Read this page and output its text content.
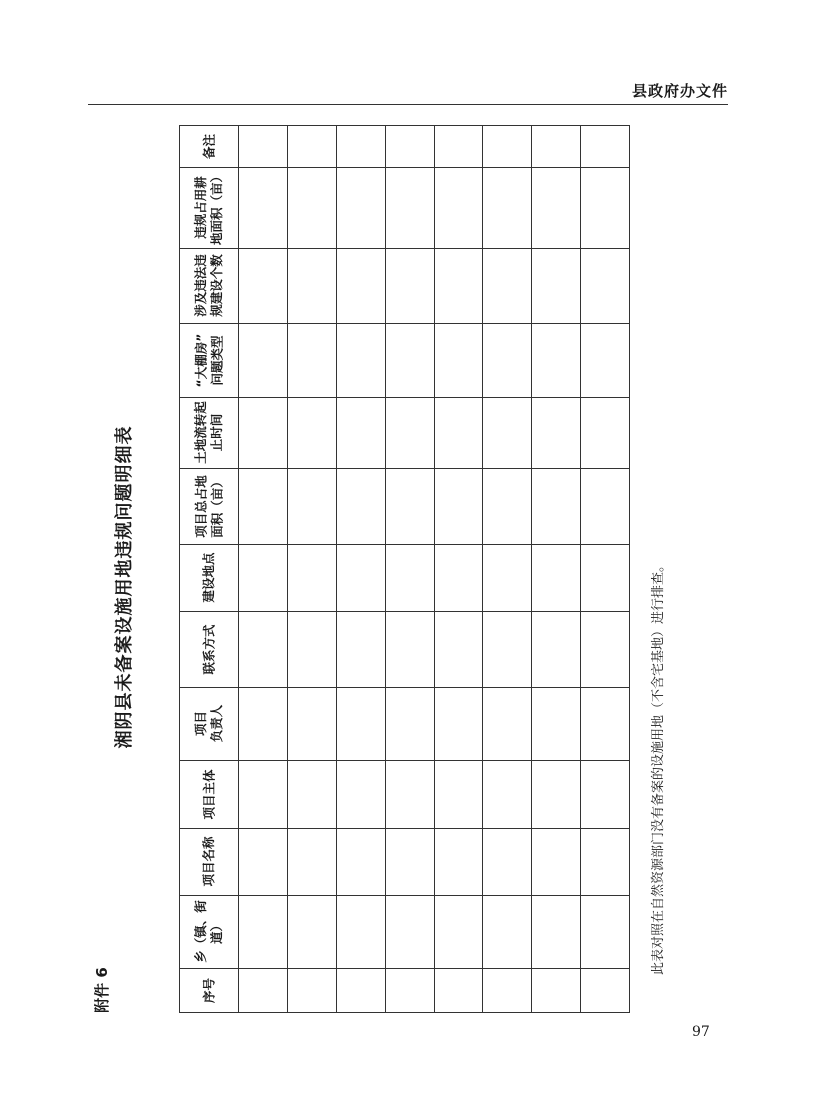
县政府办文件
附件 6
湘阴县未备案设施用地违规问题明细表
序号
乡（镇、街
道）
项目名称
项目主体
项目
负责人
联系方式
建设地点
项目总占地
面积（亩）
土地流转起
止时间
“大棚房”
问题类型
涉及违法违
规建设个数
违规占用耕
地面积（亩）
备注
此表对照在自然资源部门没有备案的设施用地（不含宅基地）进行排查。
97
